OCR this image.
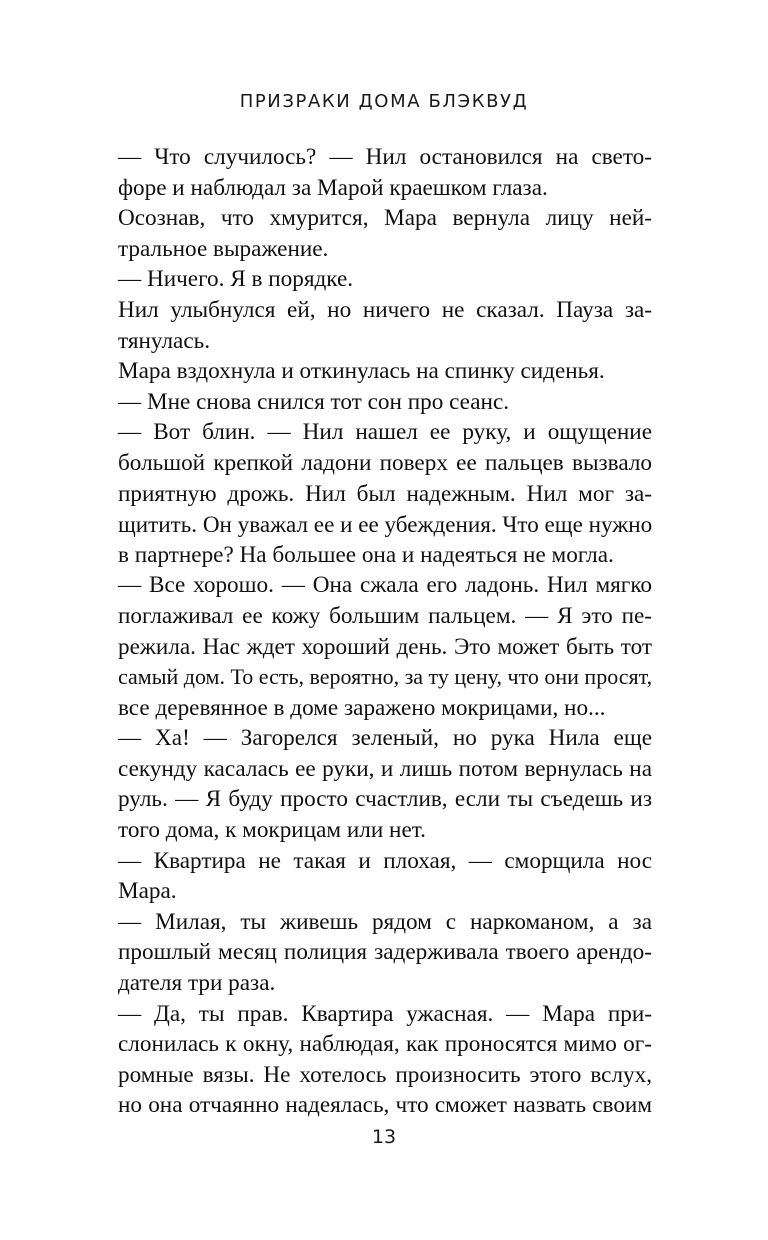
ПРИЗРАКИ ДОМА БЛЭКВУД
— Что случилось? — Нил остановился на свето-
форе и наблюдал за Марой краешком глаза.
Осознав, что хмурится, Мара вернула лицу ней-
тральное выражение.
— Ничего. Я в порядке.
Нил улыбнулся ей, но ничего не сказал. Пауза за-
тянулась.
Мара вздохнула и откинулась на спинку сиденья.
— Мне снова снился тот сон про сеанс.
— Вот блин. — Нил нашел ее руку, и ощущение
большой крепкой ладони поверх ее пальцев вызвало
приятную дрожь. Нил был надежным. Нил мог за-
щитить. Он уважал ее и ее убеждения. Что еще нужно
в партнере? На большее она и надеяться не могла.
— Все хорошо. — Она сжала его ладонь. Нил мягко
поглаживал ее кожу большим пальцем. — Я это пе-
режила. Нас ждет хороший день. Это может быть тот
самый дом. То есть, вероятно, за ту цену, что они просят,
все деревянное в доме заражено мокрицами, но...
— Ха! — Загорелся зеленый, но рука Нила еще
секунду касалась ее руки, и лишь потом вернулась на
руль. — Я буду просто счастлив, если ты съедешь из
того дома, к мокрицам или нет.
— Квартира не такая и плохая, — сморщила нос
Мара.
— Милая, ты живешь рядом с наркоманом, а за
прошлый месяц полиция задерживала твоего арендо-
дателя три раза.
— Да, ты прав. Квартира ужасная. — Мара при-
слонилась к окну, наблюдая, как проносятся мимо ог-
ромные вязы. Не хотелось произносить этого вслух,
но она отчаянно надеялась, что сможет назвать своим
13
